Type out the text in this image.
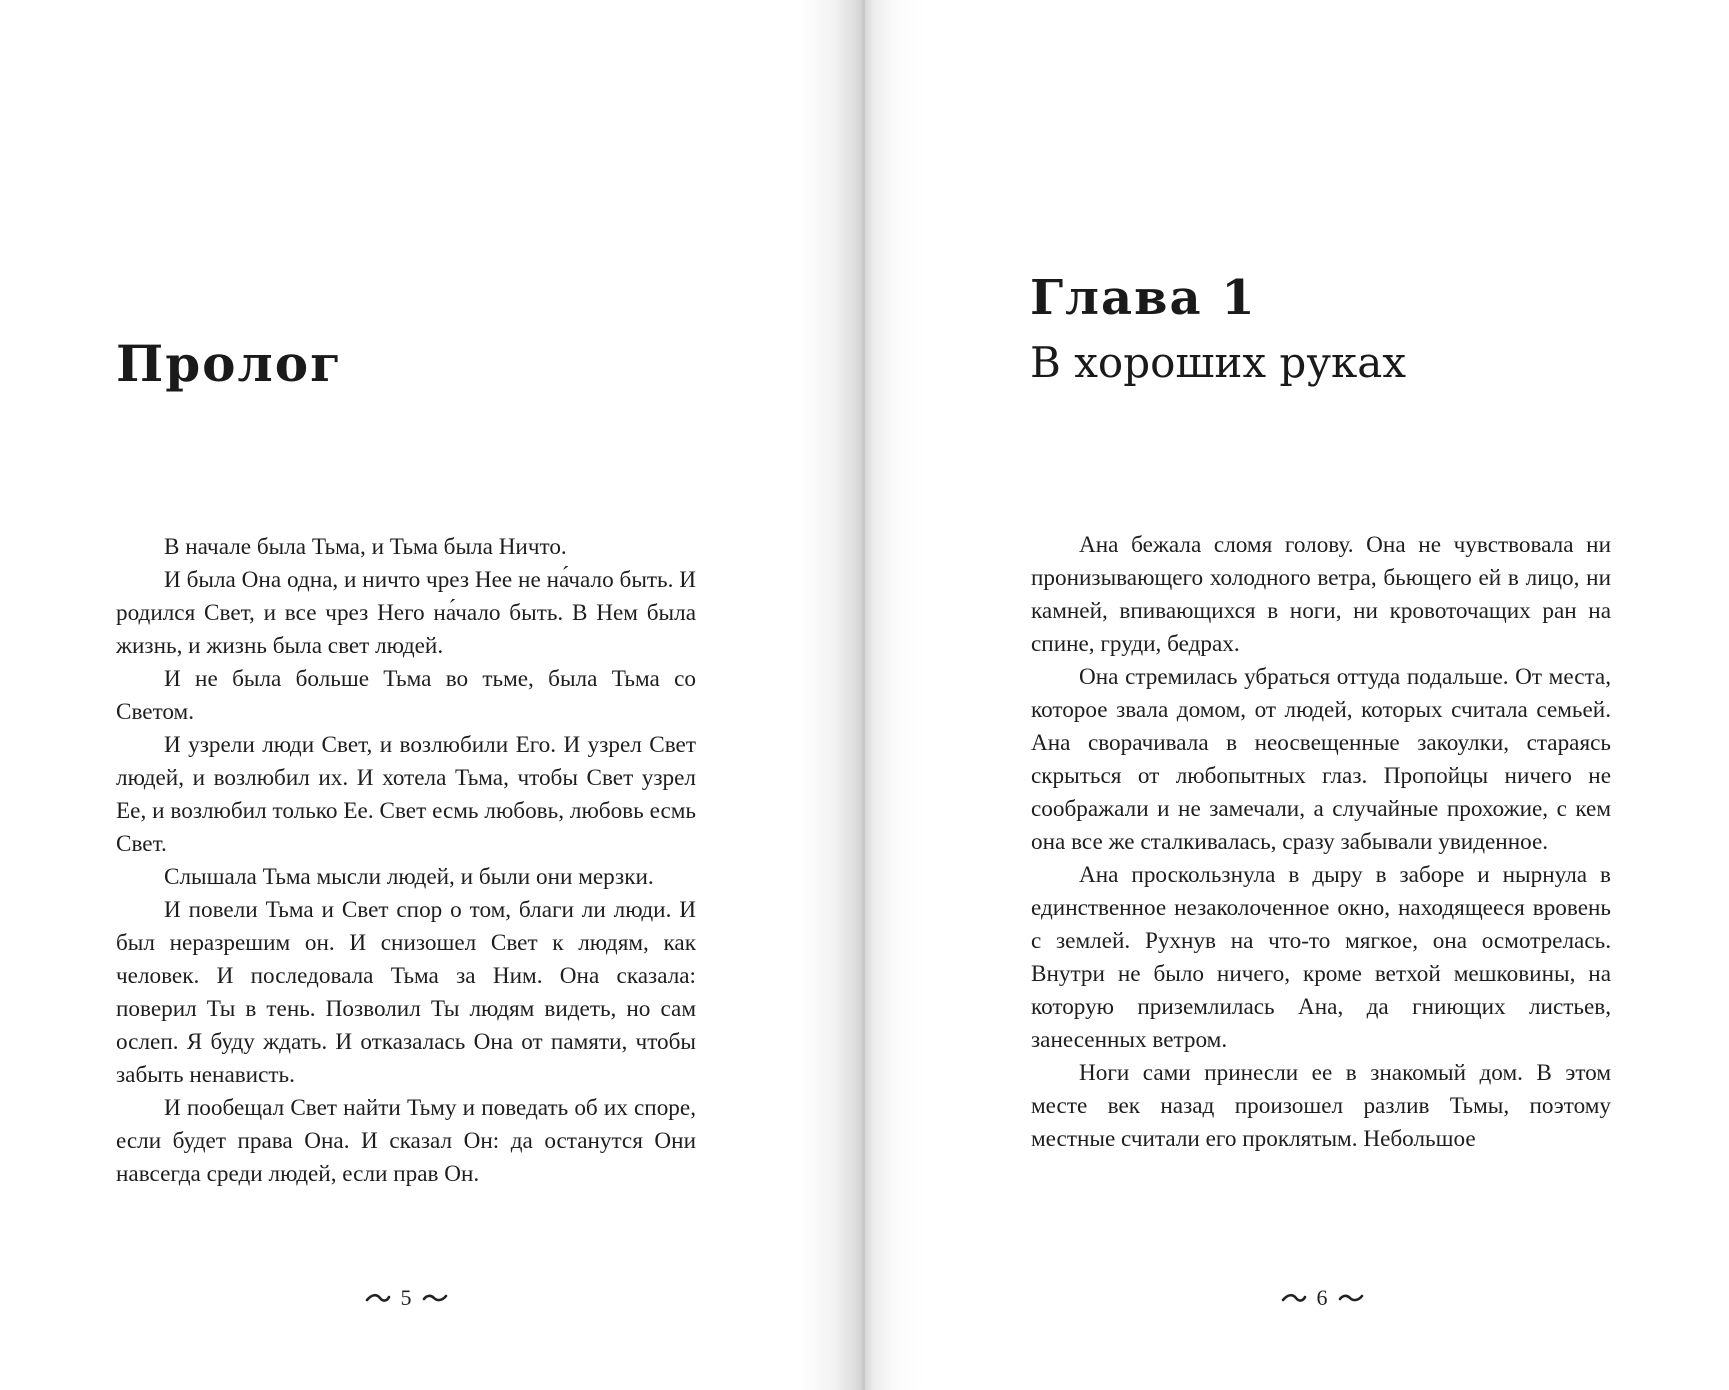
Пролог

В начале была Тьма, и Тьма была Ничто.

И была Она одна, и ничто чрез Нее не на́чало быть. И родился Свет, и все чрез Него на́чало быть. В Нем была жизнь, и жизнь была свет людей.

И не была больше Тьма во тьме, была Тьма со Светом.

И узрели люди Свет, и возлюбили Его. И узрел Свет людей, и возлюбил их. И хотела Тьма, чтобы Свет узрел Ее, и возлюбил только Ее. Свет есмь любовь, любовь есмь Свет.

Слышала Тьма мысли людей, и были они мерзки.

И повели Тьма и Свет спор о том, благи ли люди. И был неразрешим он. И снизошел Свет к людям, как человек. И последовала Тьма за Ним. Она сказала: поверил Ты в тень. Позволил Ты людям видеть, но сам ослеп. Я буду ждать. И отказалась Она от памяти, чтобы забыть ненависть.

И пообещал Свет найти Тьму и поведать об их споре, если будет права Она. И сказал Он: да останутся Они навсегда среди людей, если прав Он.

5
Глава 1
В хороших руках

Ана бежала сломя голову. Она не чувствовала ни пронизывающего холодного ветра, бьющего ей в лицо, ни камней, впивающихся в ноги, ни кровоточащих ран на спине, груди, бедрах.

Она стремилась убраться оттуда подальше. От места, которое звала домом, от людей, которых считала семьей. Ана сворачивала в неосвещенные закоулки, стараясь скрыться от любопытных глаз. Пропойцы ничего не соображали и не замечали, а случайные прохожие, с кем она все же сталкивалась, сразу забывали увиденное.

Ана проскользнула в дыру в заборе и нырнула в единственное незаколоченное окно, находящееся вровень с землей. Рухнув на что-то мягкое, она осмотрелась. Внутри не было ничего, кроме ветхой мешковины, на которую приземлилась Ана, да гниющих листьев, занесенных ветром.

Ноги сами принесли ее в знакомый дом. В этом месте век назад произошел разлив Тьмы, поэтому местные считали его проклятым. Небольшое

6
